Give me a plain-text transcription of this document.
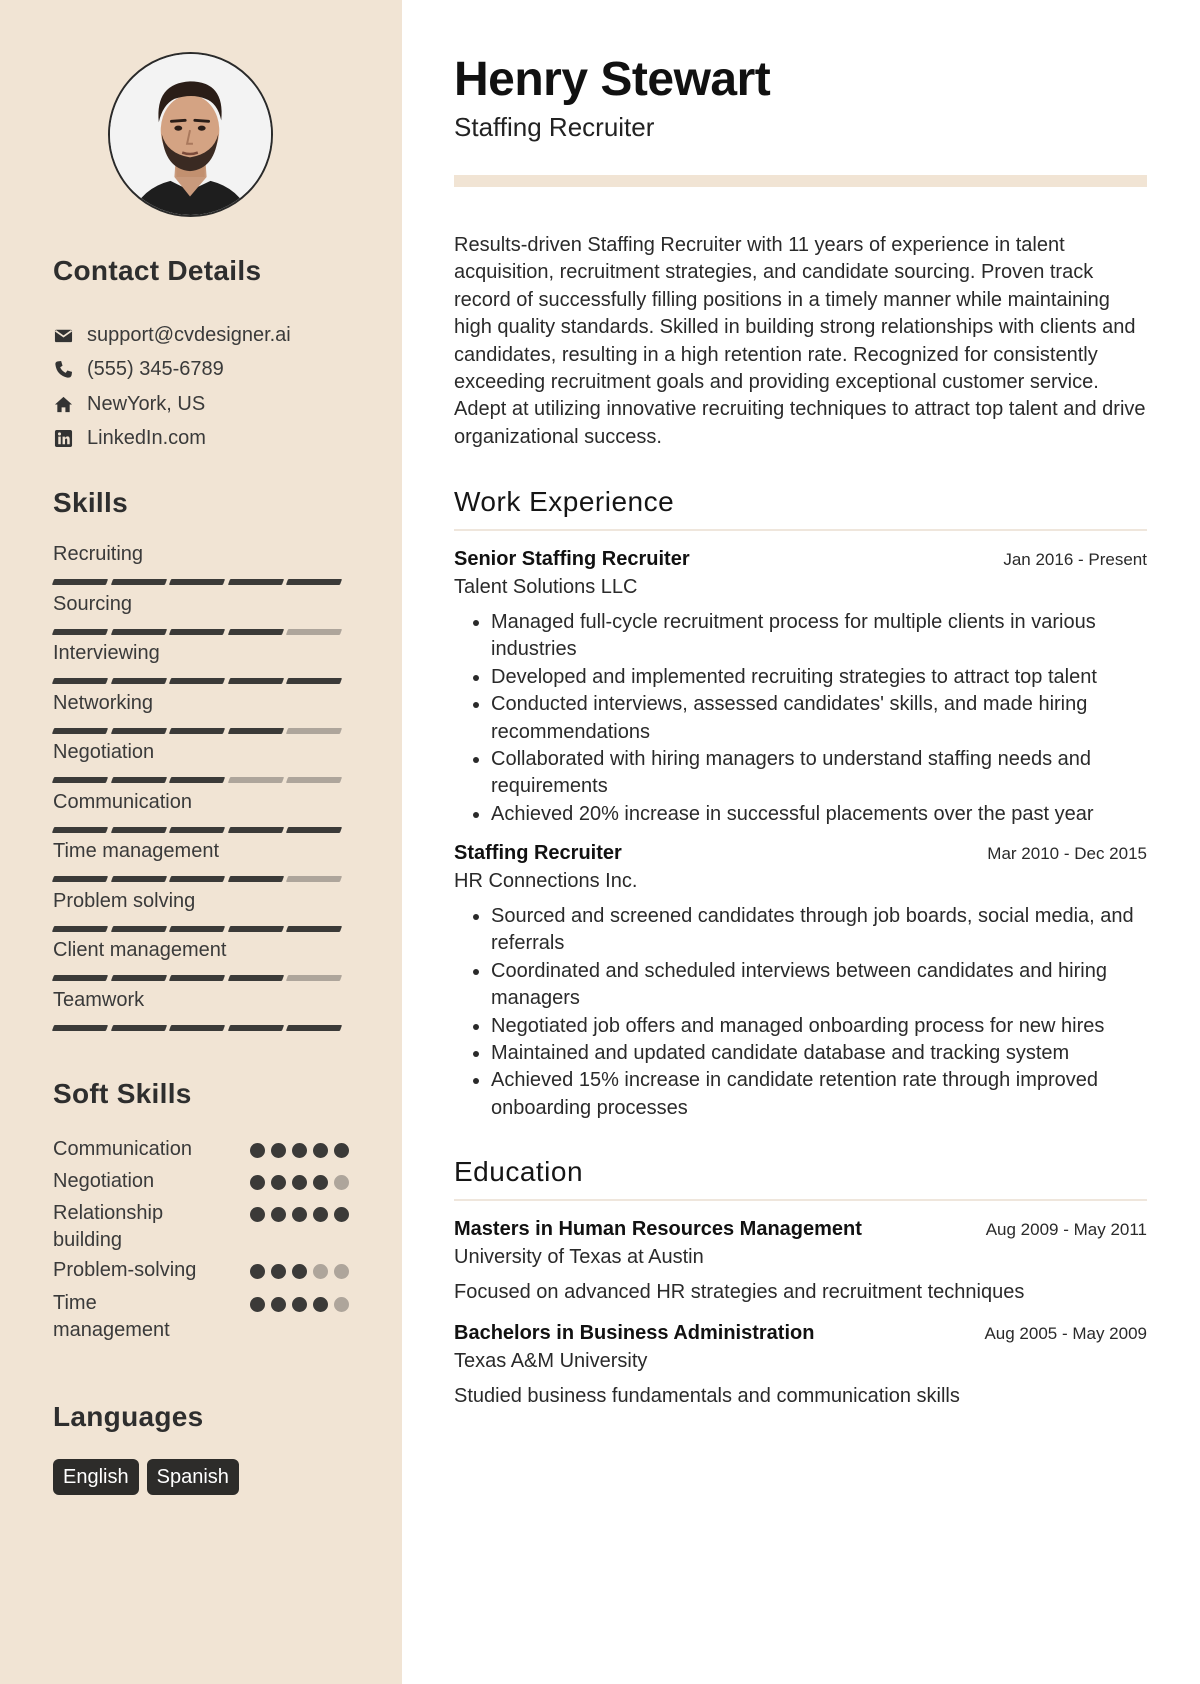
Contact Details
support@cvdesigner.ai
(555) 345-6789
NewYork, US
LinkedIn.com
Skills
Recruiting
Sourcing
Interviewing
Networking
Negotiation
Communication
Time management
Problem solving
Client management
Teamwork
Soft Skills
Communication
Negotiation
Relationship building
Problem-solving
Time management
Languages
English	Spanish
Henry Stewart
Staffing Recruiter

Results-driven Staffing Recruiter with 11 years of experience in talent acquisition, recruitment strategies, and candidate sourcing. Proven track record of successfully filling positions in a timely manner while maintaining high quality standards. Skilled in building strong relationships with clients and candidates, resulting in a high retention rate. Recognized for consistently exceeding recruitment goals and providing exceptional customer service. Adept at utilizing innovative recruiting techniques to attract top talent and drive organizational success.

Work Experience
Senior Staffing Recruiter	Jan 2016 - Present
Talent Solutions LLC
• Managed full-cycle recruitment process for multiple clients in various industries
• Developed and implemented recruiting strategies to attract top talent
• Conducted interviews, assessed candidates' skills, and made hiring recommendations
• Collaborated with hiring managers to understand staffing needs and requirements
• Achieved 20% increase in successful placements over the past year
Staffing Recruiter	Mar 2010 - Dec 2015
HR Connections Inc.
• Sourced and screened candidates through job boards, social media, and referrals
• Coordinated and scheduled interviews between candidates and hiring managers
• Negotiated job offers and managed onboarding process for new hires
• Maintained and updated candidate database and tracking system
• Achieved 15% increase in candidate retention rate through improved onboarding processes
Education
Masters in Human Resources Management	Aug 2009 - May 2011
University of Texas at Austin
Focused on advanced HR strategies and recruitment techniques
Bachelors in Business Administration	Aug 2005 - May 2009
Texas A&M University
Studied business fundamentals and communication skills
